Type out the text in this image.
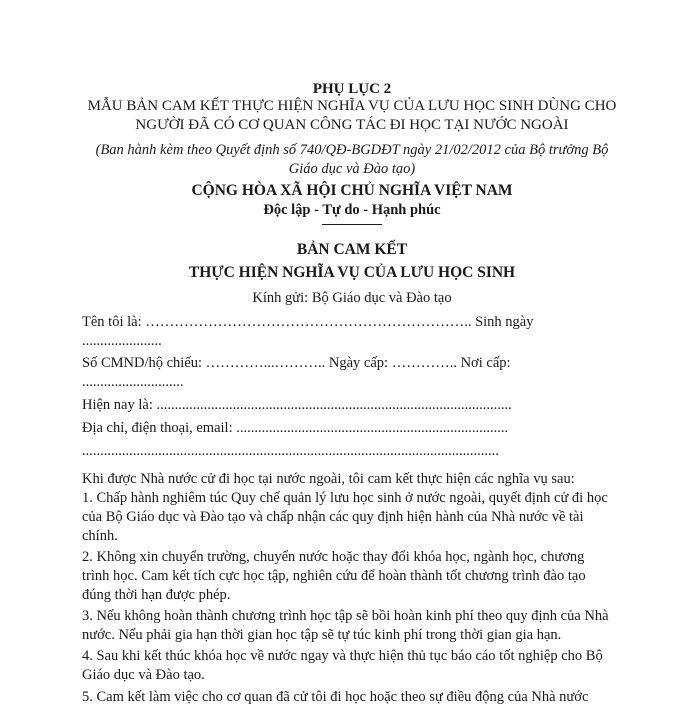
PHỤ LỤC 2
MẪU BẢN CAM KẾT THỰC HIỆN NGHĨA VỤ CỦA LƯU HỌC SINH DÙNG CHO NGƯỜI ĐÃ CÓ CƠ QUAN CÔNG TÁC ĐI HỌC TẠI NƯỚC NGOÀI
(Ban hành kèm theo Quyết định số 740/QĐ-BGDĐT ngày 21/02/2012 của Bộ trưởng Bộ Giáo dục và Đào tạo)
CỘNG HÒA XÃ HỘI CHỦ NGHĨA VIỆT NAM
Độc lập - Tự do - Hạnh phúc
BẢN CAM KẾT
THỰC HIỆN NGHĨA VỤ CỦA LƯU HỌC SINH
Kính gửi: Bộ Giáo dục và Đào tạo
Tên tôi là: ………………………………………………………….. Sinh ngày ......................
Số CMND/hộ chiếu: …………...……….. Ngày cấp: ………….. Nơi cấp: ............................
Hiện nay là: ..................................................................................................
Địa chỉ, điện thoại, email: ...........................................................................
...................................................................................................................
Khi được Nhà nước cử đi học tại nước ngoài, tôi cam kết thực hiện các nghĩa vụ sau:
1. Chấp hành nghiêm túc Quy chế quản lý lưu học sinh ở nước ngoài, quyết định cử đi học của Bộ Giáo dục và Đào tạo và chấp nhận các quy định hiện hành của Nhà nước về tài chính.
2. Không xin chuyển trường, chuyển nước hoặc thay đổi khóa học, ngành học, chương trình học. Cam kết tích cực học tập, nghiên cứu để hoàn thành tốt chương trình đào tạo đúng thời hạn được phép.
3. Nếu không hoàn thành chương trình học tập sẽ bồi hoàn kinh phí theo quy định của Nhà nước. Nếu phải gia hạn thời gian học tập sẽ tự túc kinh phí trong thời gian gia hạn.
4. Sau khi kết thúc khóa học về nước ngay và thực hiện thủ tục báo cáo tốt nghiệp cho Bộ Giáo dục và Đào tạo.
5. Cam kết làm việc cho cơ quan đã cử tôi đi học hoặc theo sự điều động của Nhà nước
